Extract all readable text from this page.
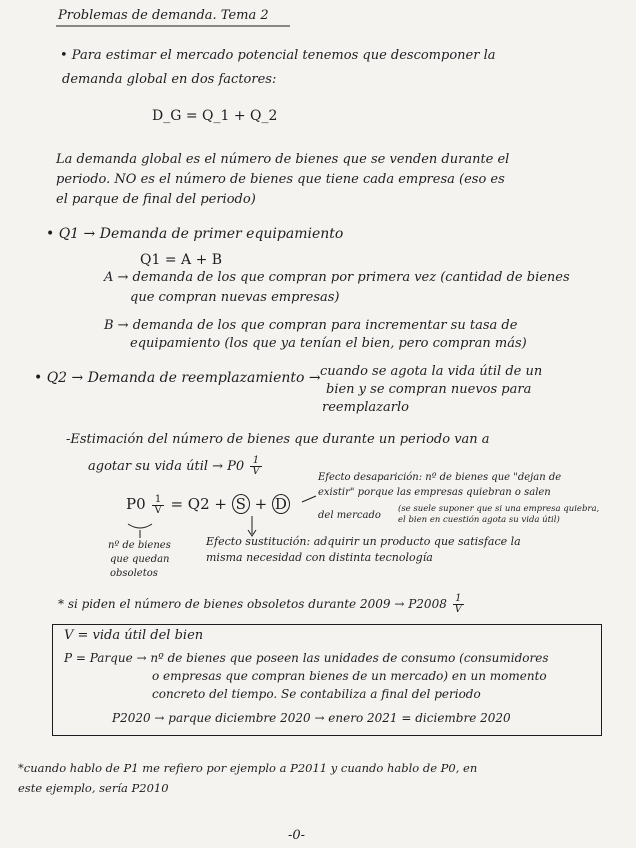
Problemas de demanda. Tema 2
• Para estimar el mercado potencial tenemos que descomponer la
demanda global en dos factores:
D_G = Q_1 + Q_2
La demanda global es el número de bienes que se venden durante el
periodo. NO es el número de bienes que tiene cada empresa (eso es
el parque de final del periodo)
• Q1 → Demanda de primer equipamiento
Q1 = A + B
A → demanda de los que compran por primera vez (cantidad de bienes
que compran nuevas empresas)
B → demanda de los que compran para incrementar su tasa de
equipamiento (los que ya tenían el bien, pero compran más)
• Q2 → Demanda de reemplazamiento → cuando se agota la vida útil de un
bien y se compran nuevos para
reemplazarlo
-Estimación del número de bienes que durante un periodo van a
agotar su vida útil → $P0 \frac{1}{V}$
$P0 \frac{1}{V} = Q2 + S + D$
Efecto desaparición: nº de bienes que "dejan de
existir" porque las empresas quiebran o salen
del mercado
(se suele suponer que si una empresa quiebra,
el bien en cuestión agota su vida útil)
nº de bienes
que quedan
obsoletos
Efecto sustitución: adquirir un producto que satisface la
misma necesidad con distinta tecnología
* si piden el número de bienes obsoletos durante $2009 \to P2008 \frac{1}{V}$
V = vida útil del bien
P = Parque → nº de bienes que poseen las unidades de consumo (consumidores
o empresas que compran bienes de un mercado) en un momento
concreto del tiempo. Se contabiliza a final del periodo
P2020 → parque diciembre 2020 → enero 2021 = diciembre 2020
*cuando hablo de P1 me refiero por ejemplo a P2011 y cuando hablo de P0, en
este ejemplo, sería P2010
-0-
